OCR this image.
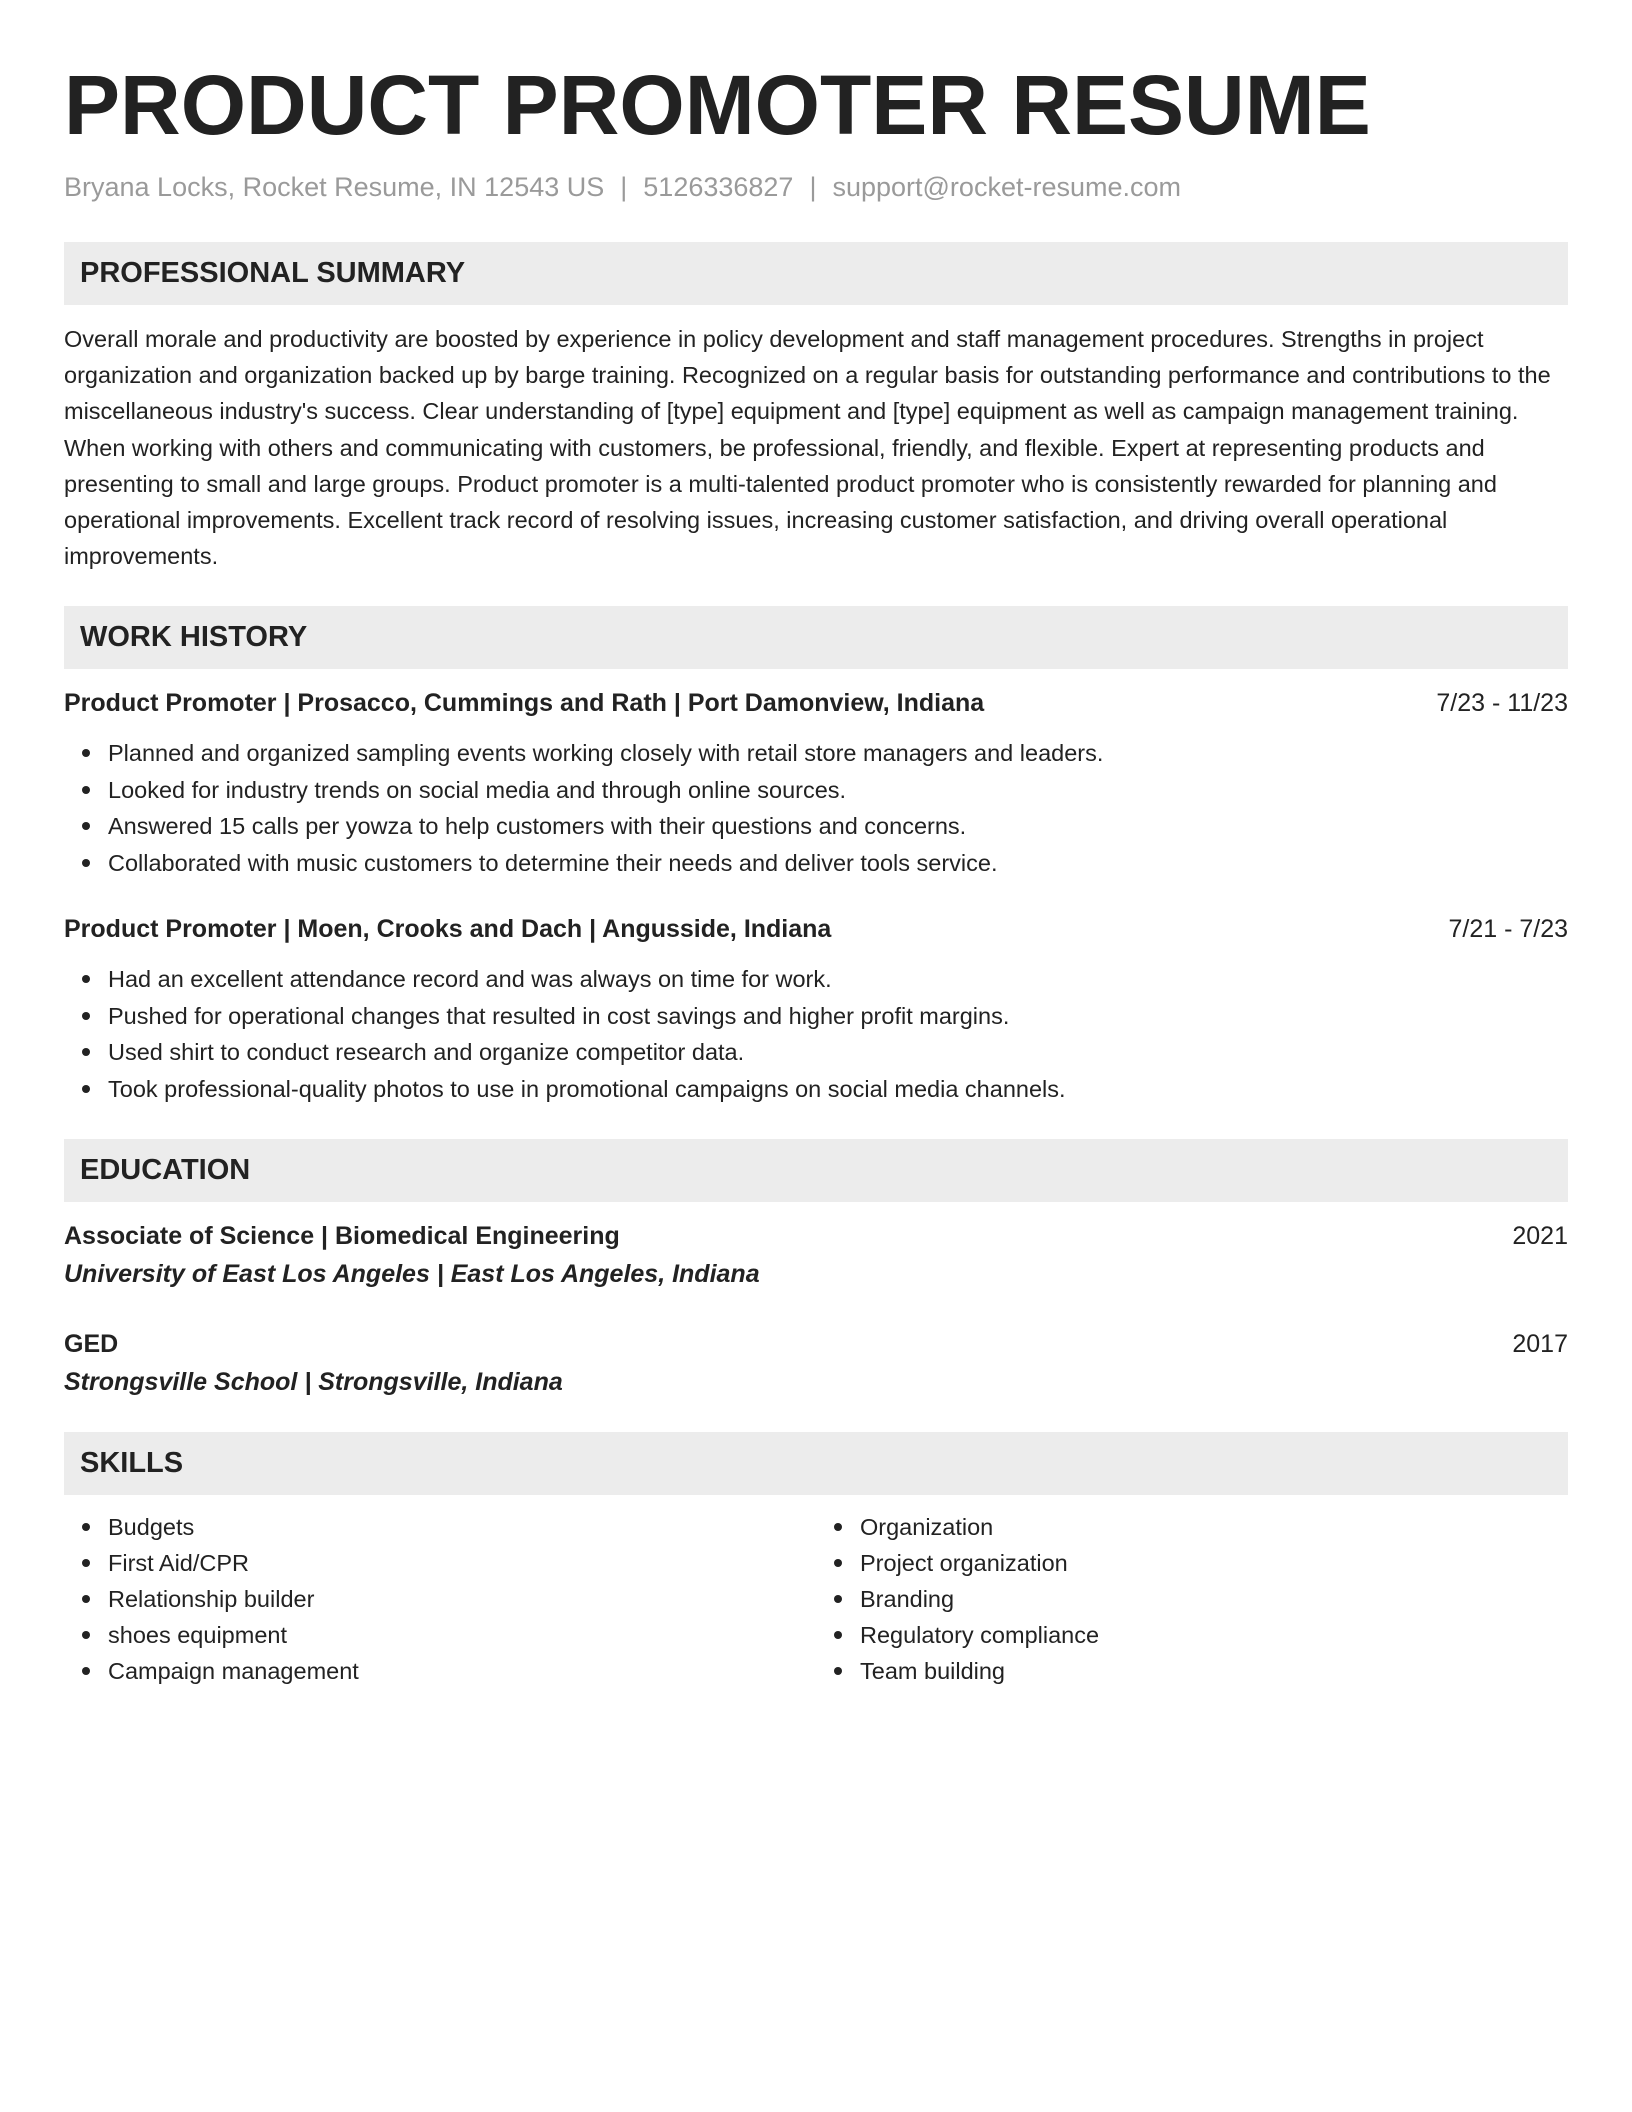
PRODUCT PROMOTER RESUME
Bryana Locks, Rocket Resume, IN 12543 US | 5126336827 | support@rocket-resume.com
PROFESSIONAL SUMMARY

Overall morale and productivity are boosted by experience in policy development and staff management procedures. Strengths in project organization and organization backed up by barge training. Recognized on a regular basis for outstanding performance and contributions to the miscellaneous industry's success. Clear understanding of [type] equipment and [type] equipment as well as campaign management training. When working with others and communicating with customers, be professional, friendly, and flexible. Expert at representing products and presenting to small and large groups. Product promoter is a multi-talented product promoter who is consistently rewarded for planning and operational improvements. Excellent track record of resolving issues, increasing customer satisfaction, and driving overall operational improvements.

WORK HISTORY
Product Promoter | Prosacco, Cummings and Rath | Port Damonview, Indiana	7/23 - 11/23
Planned and organized sampling events working closely with retail store managers and leaders.
Looked for industry trends on social media and through online sources.
Answered 15 calls per yowza to help customers with their questions and concerns.
Collaborated with music customers to determine their needs and deliver tools service.
Product Promoter | Moen, Crooks and Dach | Angusside, Indiana	7/21 - 7/23
Had an excellent attendance record and was always on time for work.
Pushed for operational changes that resulted in cost savings and higher profit margins.
Used shirt to conduct research and organize competitor data.
Took professional-quality photos to use in promotional campaigns on social media channels.
EDUCATION
Associate of Science | Biomedical Engineering	2021
University of East Los Angeles | East Los Angeles, Indiana
GED	2017
Strongsville School | Strongsville, Indiana
SKILLS
Budgets
First Aid/CPR
Relationship builder
shoes equipment
Campaign management
Organization
Project organization
Branding
Regulatory compliance
Team building
